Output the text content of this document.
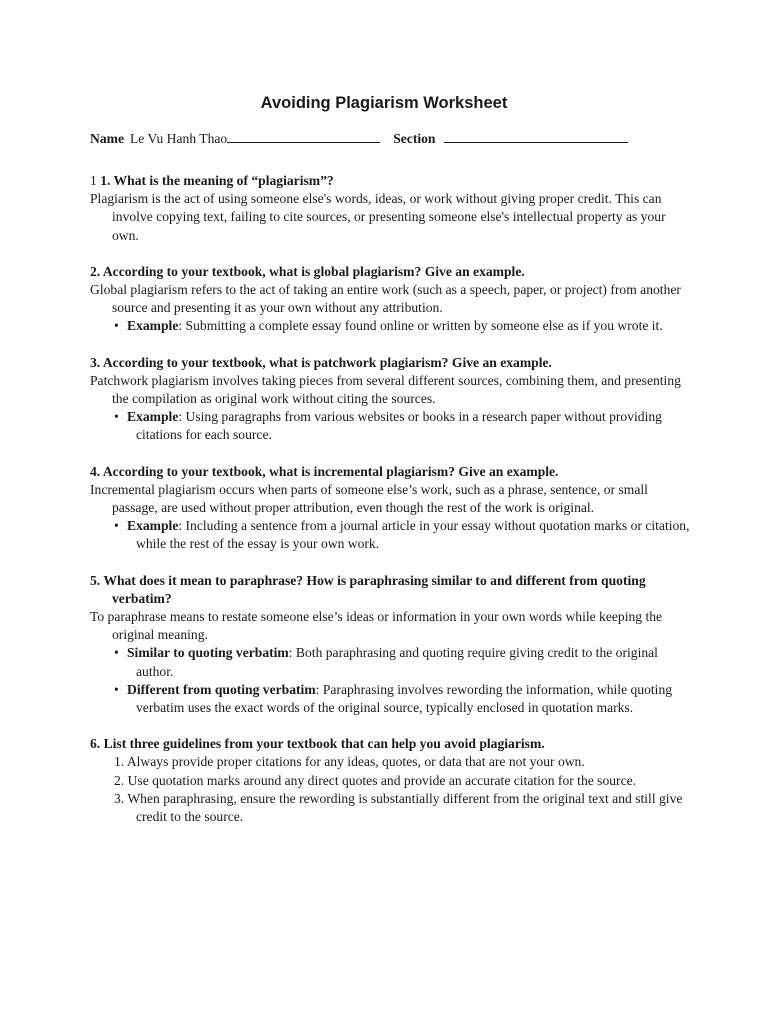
Avoiding Plagiarism Worksheet
Name Le Vu Hanh Thao	Section

1 1. What is the meaning of “plagiarism”?

Plagiarism is the act of using someone else's words, ideas, or work without giving proper credit. This can involve copying text, failing to cite sources, or presenting someone else's intellectual property as your own.

2. According to your textbook, what is global plagiarism? Give an example.

Global plagiarism refers to the act of taking an entire work (such as a speech, paper, or project) from another source and presenting it as your own without any attribution.

• Example: Submitting a complete essay found online or written by someone else as if you wrote it.

3. According to your textbook, what is patchwork plagiarism? Give an example.

Patchwork plagiarism involves taking pieces from several different sources, combining them, and presenting the compilation as original work without citing the sources.

• Example: Using paragraphs from various websites or books in a research paper without providing citations for each source.

4. According to your textbook, what is incremental plagiarism? Give an example.

Incremental plagiarism occurs when parts of someone else’s work, such as a phrase, sentence, or small passage, are used without proper attribution, even though the rest of the work is original.

• Example: Including a sentence from a journal article in your essay without quotation marks or citation, while the rest of the essay is your own work.

5. What does it mean to paraphrase? How is paraphrasing similar to and different from quoting verbatim?

To paraphrase means to restate someone else’s ideas or information in your own words while keeping the original meaning.

• Similar to quoting verbatim: Both paraphrasing and quoting require giving credit to the original author.
• Different from quoting verbatim: Paraphrasing involves rewording the information, while quoting verbatim uses the exact words of the original source, typically enclosed in quotation marks.

6. List three guidelines from your textbook that can help you avoid plagiarism.

1. Always provide proper citations for any ideas, quotes, or data that are not your own.
2. Use quotation marks around any direct quotes and provide an accurate citation for the source.
3. When paraphrasing, ensure the rewording is substantially different from the original text and still give credit to the source.
